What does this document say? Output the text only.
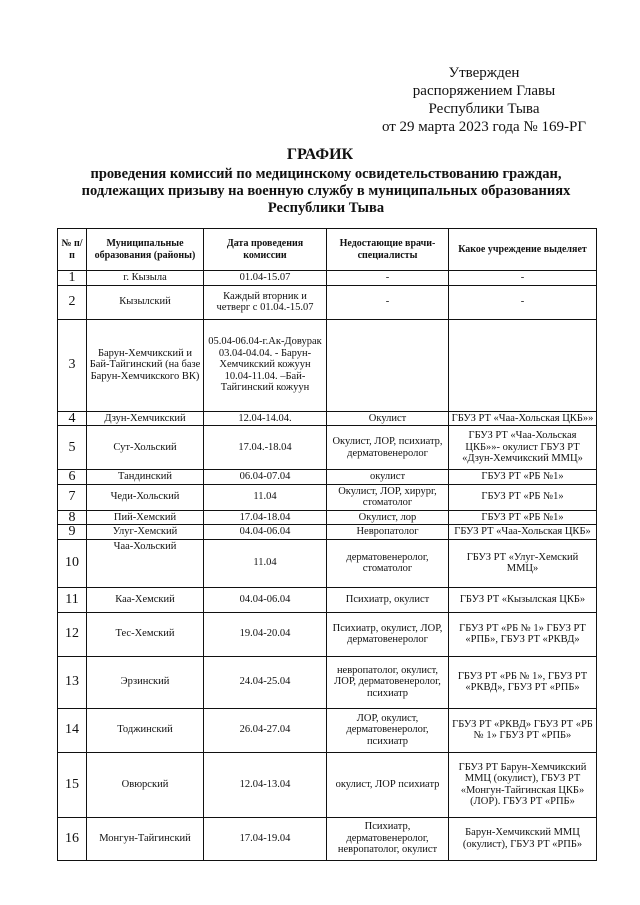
Утвержден
распоряжением Главы
Республики Тыва
от 29 марта 2023 года № 169-РГ
ГРАФИК
проведения комиссий по медицинскому освидетельствованию граждан, подлежащих призыву на военную службу в муниципальных образованиях Республики Тыва
№ п/п	Муниципальные образования (районы)	Дата проведения комиссии	Недостающие врачи-специалисты	Какое учреждение выделяет
1	г. Кызыла	01.04-15.07	-	-
2	Кызылский	Каждый вторник и четверг с 01.04.-15.07	-	-
3	Барун-Хемчикский и Бай-Тайгинский (на базе Барун-Хемчикского ВК)	05.04-06.04-г.Ак-Довурак 03.04-04.04. - Барун-Хемчикский кожуун 10.04-11.04. –Бай-Тайгинский кожуун		
4	Дзун-Хемчикский	12.04-14.04.	Окулист	ГБУЗ РТ «Чаа-Хольская ЦКБ»»
5	Сут-Хольский	17.04.-18.04	Окулист, ЛОР, психиатр, дерматовенеролог	ГБУЗ РТ «Чаа-Хольская ЦКБ»»- окулист ГБУЗ РТ «Дзун-Хемчикский ММЦ»
6	Тандинский	06.04-07.04	окулист	ГБУЗ РТ «РБ №1»
7	Чеди-Хольский	11.04	Окулист, ЛОР, хирург, стоматолог	ГБУЗ РТ «РБ №1»
8	Пий-Хемский	17.04-18.04	Окулист, лор	ГБУЗ РТ «РБ №1»
9	Улуг-Хемский	04.04-06.04	Невропатолог	ГБУЗ РТ «Чаа-Хольская ЦКБ»
10	Чаа-Хольский	11.04	дерматовенеролог, стоматолог	ГБУЗ РТ «Улуг-Хемский ММЦ»
11	Каа-Хемский	04.04-06.04	Психиатр, окулист	ГБУЗ РТ «Кызылская ЦКБ»
12	Тес-Хемский	19.04-20.04	Психиатр, окулист, ЛОР, дерматовенеролог	ГБУЗ РТ «РБ № 1» ГБУЗ РТ «РПБ», ГБУЗ РТ «РКВД»
13	Эрзинский	24.04-25.04	невропатолог, окулист, ЛОР, дерматовенеролог, психиатр	ГБУЗ РТ «РБ № 1», ГБУЗ РТ «РКВД», ГБУЗ РТ «РПБ»
14	Тоджинский	26.04-27.04	ЛОР, окулист, дерматовенеролог, психиатр	ГБУЗ РТ «РКВД» ГБУЗ РТ «РБ № 1» ГБУЗ РТ «РПБ»
15	Овюрский	12.04-13.04	окулист, ЛОР психиатр	ГБУЗ РТ Барун-Хемчикский ММЦ (окулист), ГБУЗ РТ «Монгун-Тайгинская ЦКБ» (ЛОР). ГБУЗ РТ «РПБ»
16	Монгун-Тайгинский	17.04-19.04	Психиатр, дерматовенеролог, невропатолог, окулист	Барун-Хемчикский ММЦ (окулист), ГБУЗ РТ «РПБ»
